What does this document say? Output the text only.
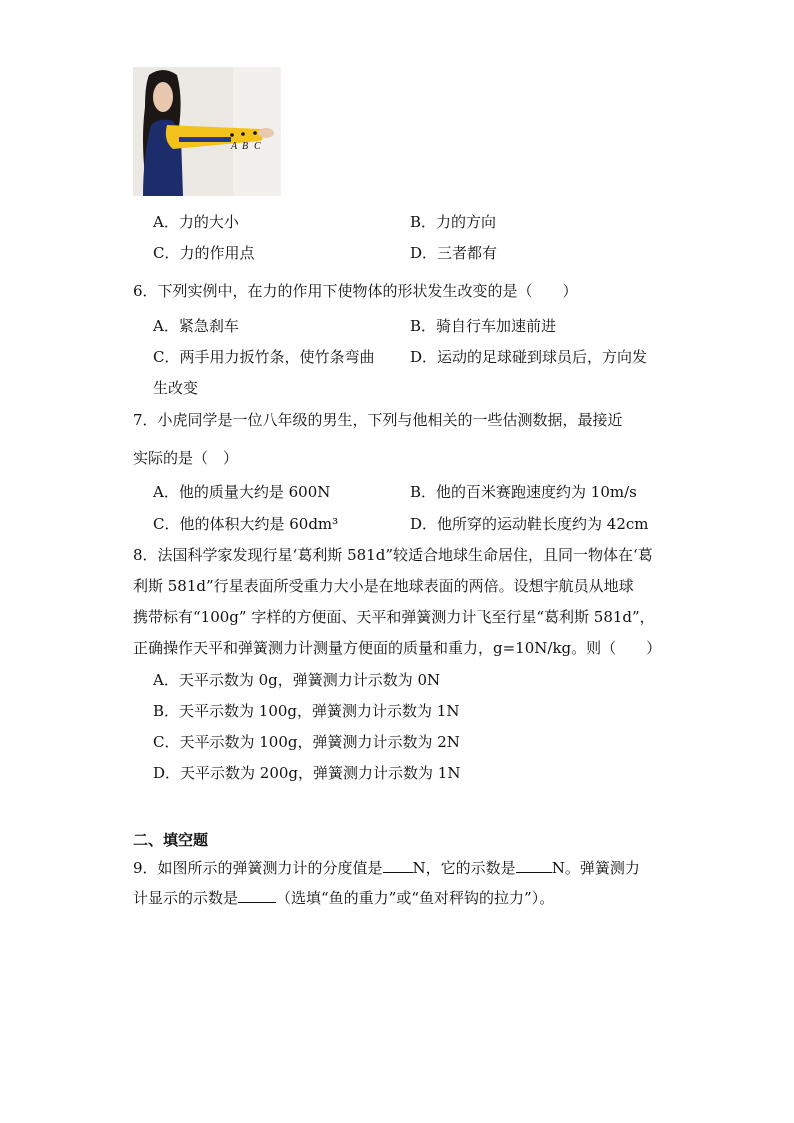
A B C
A．力的大小	B．力的方向
C．力的作用点	D．三者都有
6．下列实例中，在力的作用下使物体的形状发生改变的是（　　）
A．紧急刹车	B．骑自行车加速前进
C．两手用力扳竹条，使竹条弯曲 D．运动的足球碰到球员后，方向发
生改变
7．小虎同学是一位八年级的男生，下列与他相关的一些估测数据，最接近
实际的是（　）
A．他的质量大约是 600N	B．他的百米赛跑速度约为 10m/s
C．他的体积大约是 60dm³	D．他所穿的运动鞋长度约为 42cm
8．法国科学家发现行星‘葛利斯 581d”较适合地球生命居住，且同一物体在‘葛
利斯 581d”行星表面所受重力大小是在地球表面的两倍。设想宇航员从地球
携带标有“100g” 字样的方便面、天平和弹簧测力计飞至行星“葛利斯 581d”，
正确操作天平和弹簧测力计测量方便面的质量和重力，g=10N/kg。则（　　）
A．天平示数为 0g，弹簧测力计示数为 0N
B．天平示数为 100g，弹簧测力计示数为 1N
C．天平示数为 100g，弹簧测力计示数为 2N
D．天平示数为 200g，弹簧测力计示数为 1N
二、填空题
9．如图所示的弹簧测力计的分度值是 N，它的示数是 N。弹簧测力
计显示的示数是	（选填“鱼的重力”或“鱼对秤钩的拉力”）。
